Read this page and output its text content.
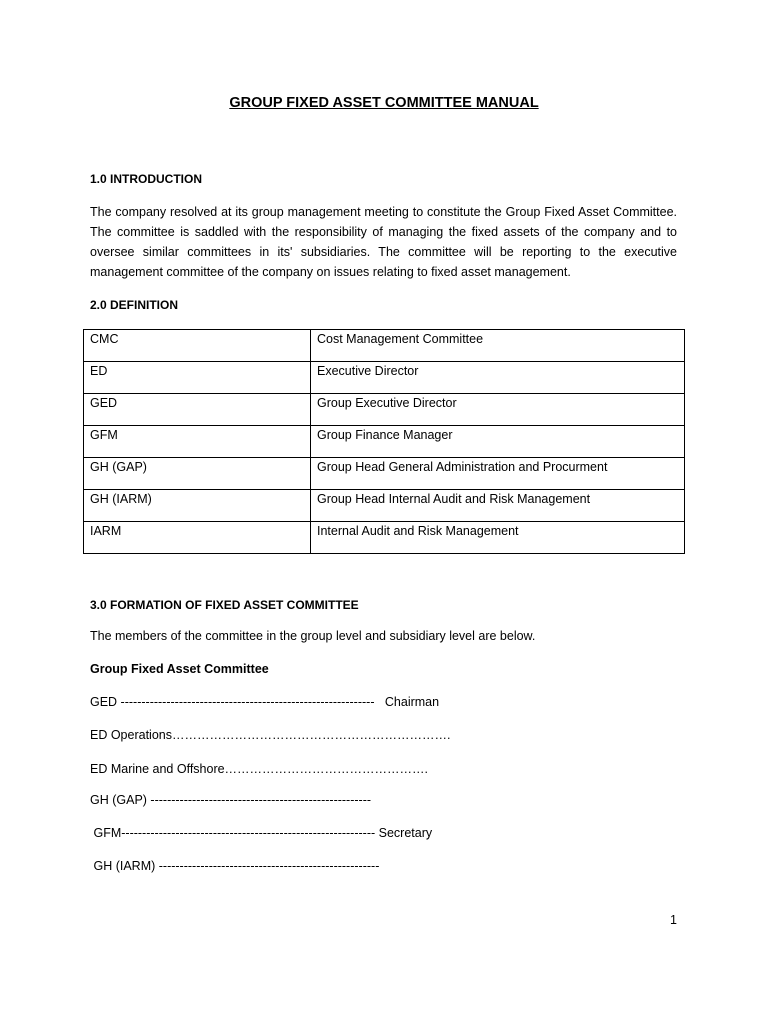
GROUP FIXED ASSET COMMITTEE MANUAL
1.0 INTRODUCTION
The company resolved at its group management meeting to constitute the Group Fixed Asset Committee. The committee is saddled with the responsibility of managing the fixed assets of the company and to oversee similar committees in its' subsidiaries. The committee will be reporting to the executive management committee of the company on issues relating to fixed asset management.
2.0 DEFINITION
CMC	Cost Management Committee
ED	Executive Director
GED	Group Executive Director
GFM	Group Finance Manager
GH (GAP)	Group Head General Administration and Procurment
GH (IARM)	Group Head Internal Audit and Risk Management
IARM	Internal Audit and Risk Management
3.0 FORMATION OF FIXED ASSET COMMITTEE
The members of the committee in the group level and subsidiary level are below.
Group Fixed Asset Committee
GED -------------------------------------------------------------   Chairman
ED Operations………………………………………………………….
ED Marine and Offshore………………………………………….
GH (GAP) -----------------------------------------------------
GFM------------------------------------------------------------- Secretary
GH (IARM) -----------------------------------------------------
1
